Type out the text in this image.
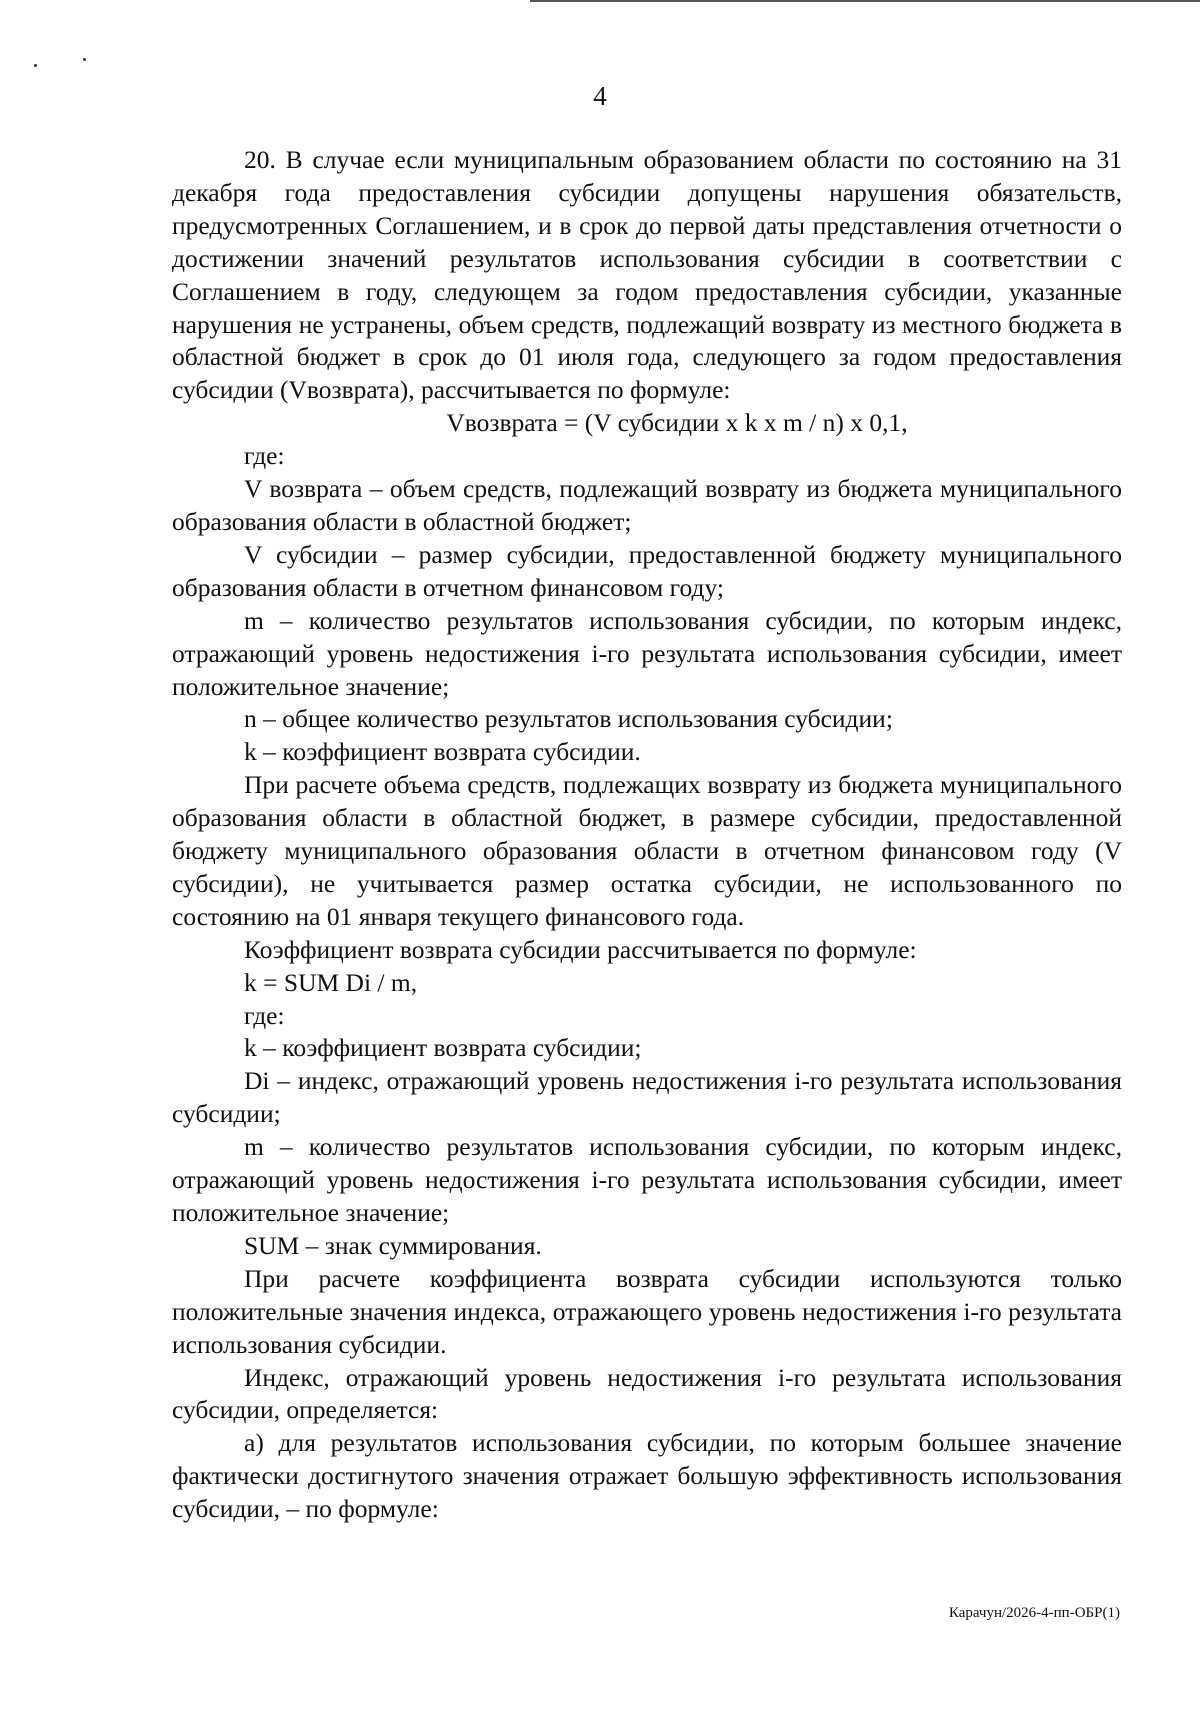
4

20. В случае если муниципальным образованием области по состоянию на 31 декабря года предоставления субсидии допущены нарушения обязательств, предусмотренных Соглашением, и в срок до первой даты представления отчетности о достижении значений результатов использования субсидии в соответствии с Соглашением в году, следующем за годом предоставления субсидии, указанные нарушения не устранены, объем средств, подлежащий возврату из местного бюджета в областной бюджет в срок до 01 июля года, следующего за годом предоставления субсидии (Vвозврата), рассчитывается по формуле:

Vвозврата = (V субсидии x k x m / n) x 0,1,

где:

V возврата – объем средств, подлежащий возврату из бюджета муниципального образования области в областной бюджет;

V субсидии – размер субсидии, предоставленной бюджету муниципального образования области в отчетном финансовом году;

m – количество результатов использования субсидии, по которым индекс, отражающий уровень недостижения i-го результата использования субсидии, имеет положительное значение;

n – общее количество результатов использования субсидии;

k – коэффициент возврата субсидии.

При расчете объема средств, подлежащих возврату из бюджета муниципального образования области в областной бюджет, в размере субсидии, предоставленной бюджету муниципального образования области в отчетном финансовом году (V субсидии), не учитывается размер остатка субсидии, не использованного по состоянию на 01 января текущего финансового года.

Коэффициент возврата субсидии рассчитывается по формуле:

k = SUM Di / m,

где:

k – коэффициент возврата субсидии;

Di – индекс, отражающий уровень недостижения i-го результата использования субсидии;

m – количество результатов использования субсидии, по которым индекс, отражающий уровень недостижения i-го результата использования субсидии, имеет положительное значение;

SUM – знак суммирования.

При расчете коэффициента возврата субсидии используются только положительные значения индекса, отражающего уровень недостижения i-го результата использования субсидии.

Индекс, отражающий уровень недостижения i-го результата использования субсидии, определяется:

а) для результатов использования субсидии, по которым большее значение фактически достигнутого значения отражает большую эффективность использования субсидии, – по формуле:

Карачун/2026-4-пп-ОБР(1)
